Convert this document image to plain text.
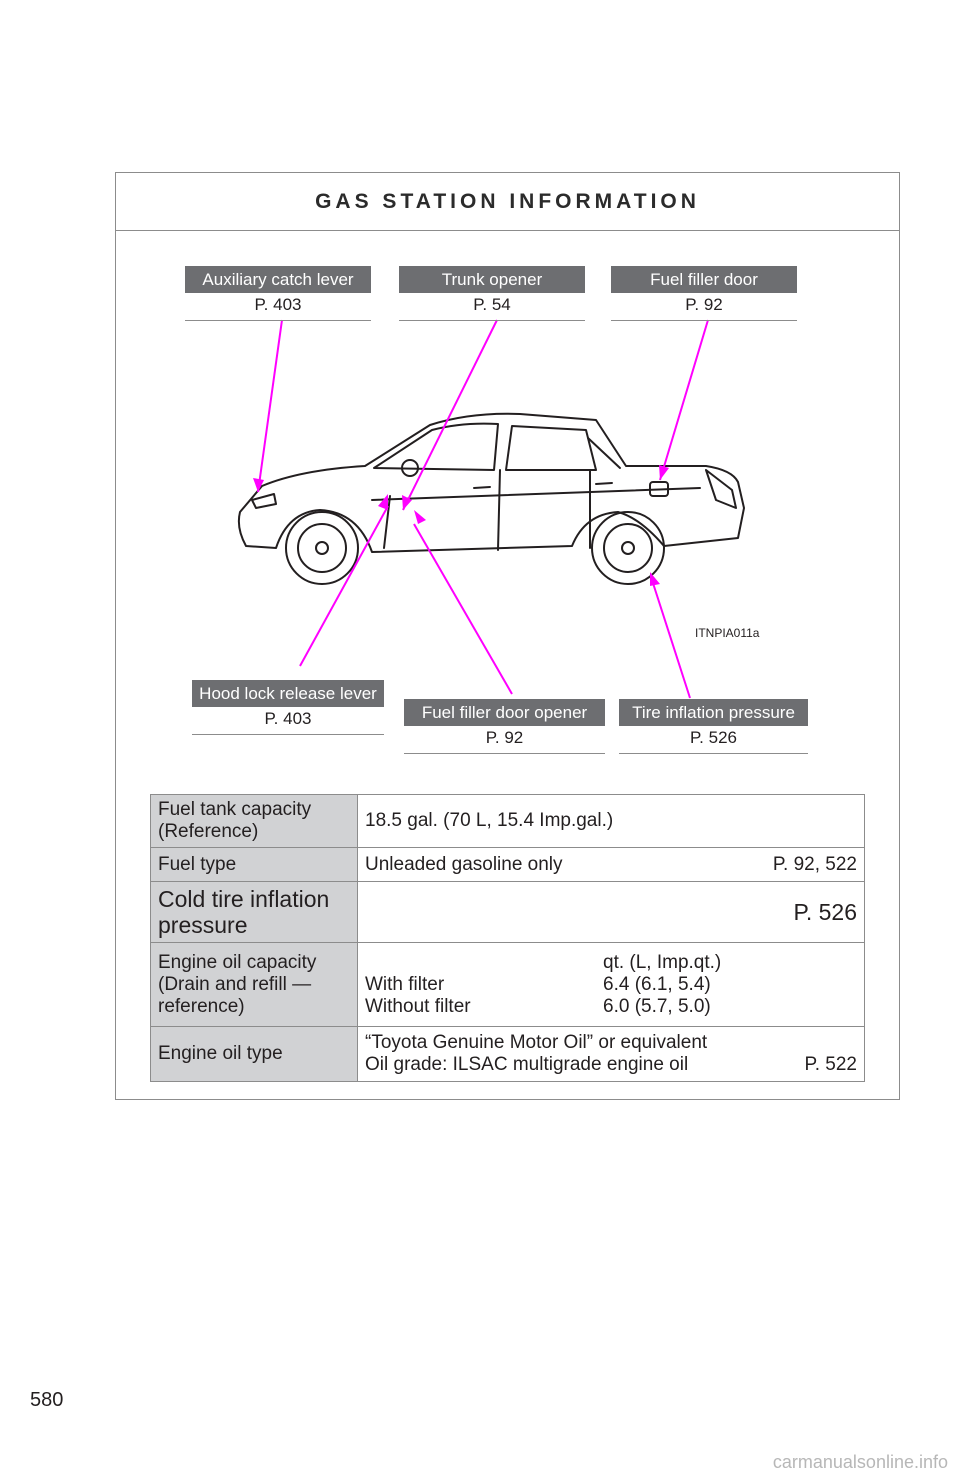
GAS STATION INFORMATION
Auxiliary catch lever
P. 403
Trunk opener
P. 54
Fuel filler door
P. 92
ITNPIA011a
Hood lock release lever
P. 403	Fuel filler door opener
P. 92
Tire inflation pressure
P. 526
Fuel tank capacity (Reference)	18.5 gal. (70 L, 15.4 Imp.gal.)
Fuel type	Unleaded gasoline only P. 92, 522

Cold tire inflation pressure	P. 526
Engine oil capacity (Drain and refill — reference)	qt. (L, Imp.qt.)
With filter 6.4 (6.1, 5.4)
Without filter 6.0 (5.7, 5.0)

Engine oil type	“Toyota Genuine Motor Oil” or equivalent
Oil grade: ILSAC multigrade engine oil P. 522
580
carmanualsonline.info
